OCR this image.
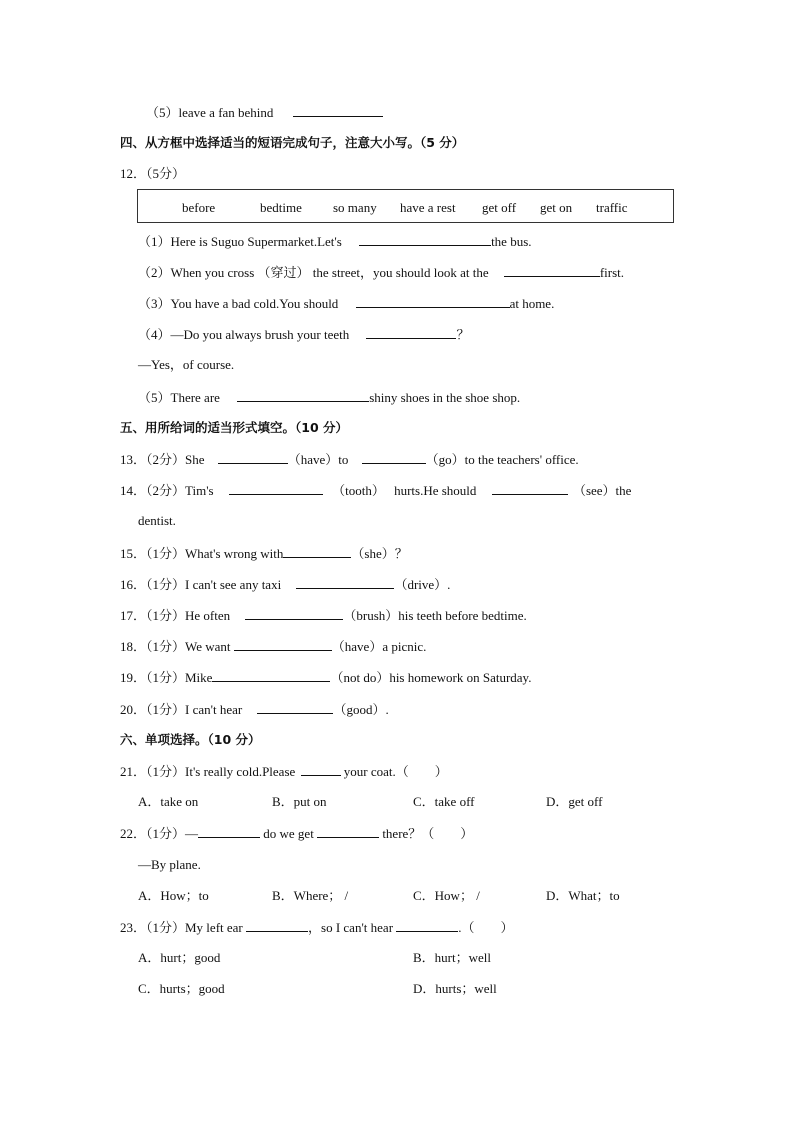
（5）leave a fan behind
四、从方框中选择适当的短语完成句子，注意大小写。（5 分）
12．（5分）
before	bedtime so many have a rest get off get on traffic
（1）Here is Suguo Supermarket.Let's	the bus.
（2）When you cross （穿过） the street，you should look at the	first.
（3）You have a bad cold.You should	at home.
（4）—Do you always brush your teeth	？
—Yes，of course.
（5）There are	shiny shoes in the shoe shop.
五、用所给词的适当形式填空。（10 分）
13．（2分）She	（have）to	（go）to the teachers' office.
14．（2分）Tim's	（tooth） hurts.He should	（see）the
dentist.
15．（1分）What's wrong with	（she）？
16．（1分）I can't see any taxi	（drive）.
17．（1分）He often	（brush）his teeth before bedtime.
18．（1分）We want	（have）a picnic.
19．（1分）Mike	（not do）his homework on Saturday.
20．（1分）I can't hear	（good）.
六、单项选择。（10 分）
21．（1分）It's really cold.Please	your coat.（　　）
A．take on	B．put on	C．take off	D．get off
22．（1分）—	do we get	there？（　　）
—By plane.
A．How；to	B．Where； /	C．How； /	D．What；to
23．（1分）My left ear	，so I can't hear	.（　　）
A．hurt；good	B．hurt；well
C．hurts；good	D．hurts；well
